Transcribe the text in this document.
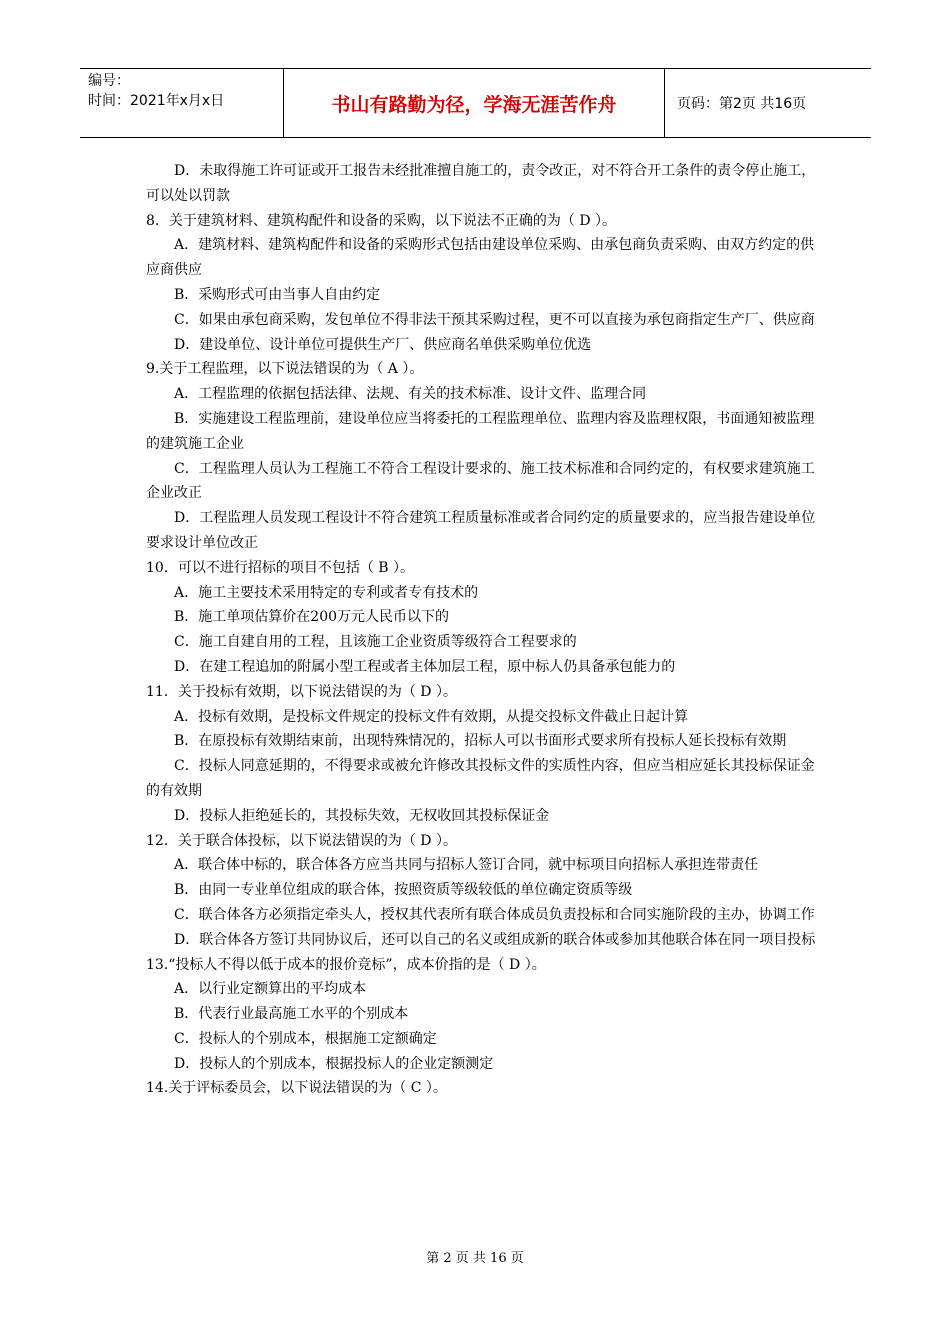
编号：
时间：2021年x月x日	书山有路勤为径，学海无涯苦作舟	页码：第2页 共16页

D．未取得施工许可证或开工报告未经批准擅自施工的，责令改正，对不符合开工条件的责令停止施工，可以处以罚款

8．关于建筑材料、建筑构配件和设备的采购，以下说法不正确的为（ D ）。

A．建筑材料、建筑构配件和设备的采购形式包括由建设单位采购、由承包商负责采购、由双方约定的供应商供应

B．采购形式可由当事人自由约定

C．如果由承包商采购，发包单位不得非法干预其采购过程，更不可以直接为承包商指定生产厂、供应商

D．建设单位、设计单位可提供生产厂、供应商名单供采购单位优选

9.关于工程监理，以下说法错误的为（ A ）。

A．工程监理的依据包括法律、法规、有关的技术标准、设计文件、监理合同

B．实施建设工程监理前，建设单位应当将委托的工程监理单位、监理内容及监理权限，书面通知被监理的建筑施工企业

C．工程监理人员认为工程施工不符合工程设计要求的、施工技术标准和合同约定的，有权要求建筑施工企业改正

D．工程监理人员发现工程设计不符合建筑工程质量标准或者合同约定的质量要求的，应当报告建设单位要求设计单位改正

10．可以不进行招标的项目不包括（ B ）。

A．施工主要技术采用特定的专利或者专有技术的

B．施工单项估算价在200万元人民币以下的

C．施工自建自用的工程，且该施工企业资质等级符合工程要求的

D．在建工程追加的附属小型工程或者主体加层工程，原中标人仍具备承包能力的

11．关于投标有效期，以下说法错误的为（ D ）。

A．投标有效期，是投标文件规定的投标文件有效期，从提交投标文件截止日起计算

B．在原投标有效期结束前，出现特殊情况的，招标人可以书面形式要求所有投标人延长投标有效期

C．投标人同意延期的，不得要求或被允许修改其投标文件的实质性内容，但应当相应延长其投标保证金的有效期

D．投标人拒绝延长的，其投标失效，无权收回其投标保证金

12．关于联合体投标，以下说法错误的为（ D ）。

A．联合体中标的，联合体各方应当共同与招标人签订合同，就中标项目向招标人承担连带责任

B．由同一专业单位组成的联合体，按照资质等级较低的单位确定资质等级

C．联合体各方必须指定牵头人，授权其代表所有联合体成员负责投标和合同实施阶段的主办，协调工作

D．联合体各方签订共同协议后，还可以自己的名义或组成新的联合体或参加其他联合体在同一项目投标

13.“投标人不得以低于成本的报价竞标”，成本价指的是（ D ）。

A．以行业定额算出的平均成本

B．代表行业最高施工水平的个别成本

C．投标人的个别成本，根据施工定额确定

D．投标人的个别成本，根据投标人的企业定额测定

14.关于评标委员会，以下说法错误的为（ C ）。

第 2 页 共 16 页
